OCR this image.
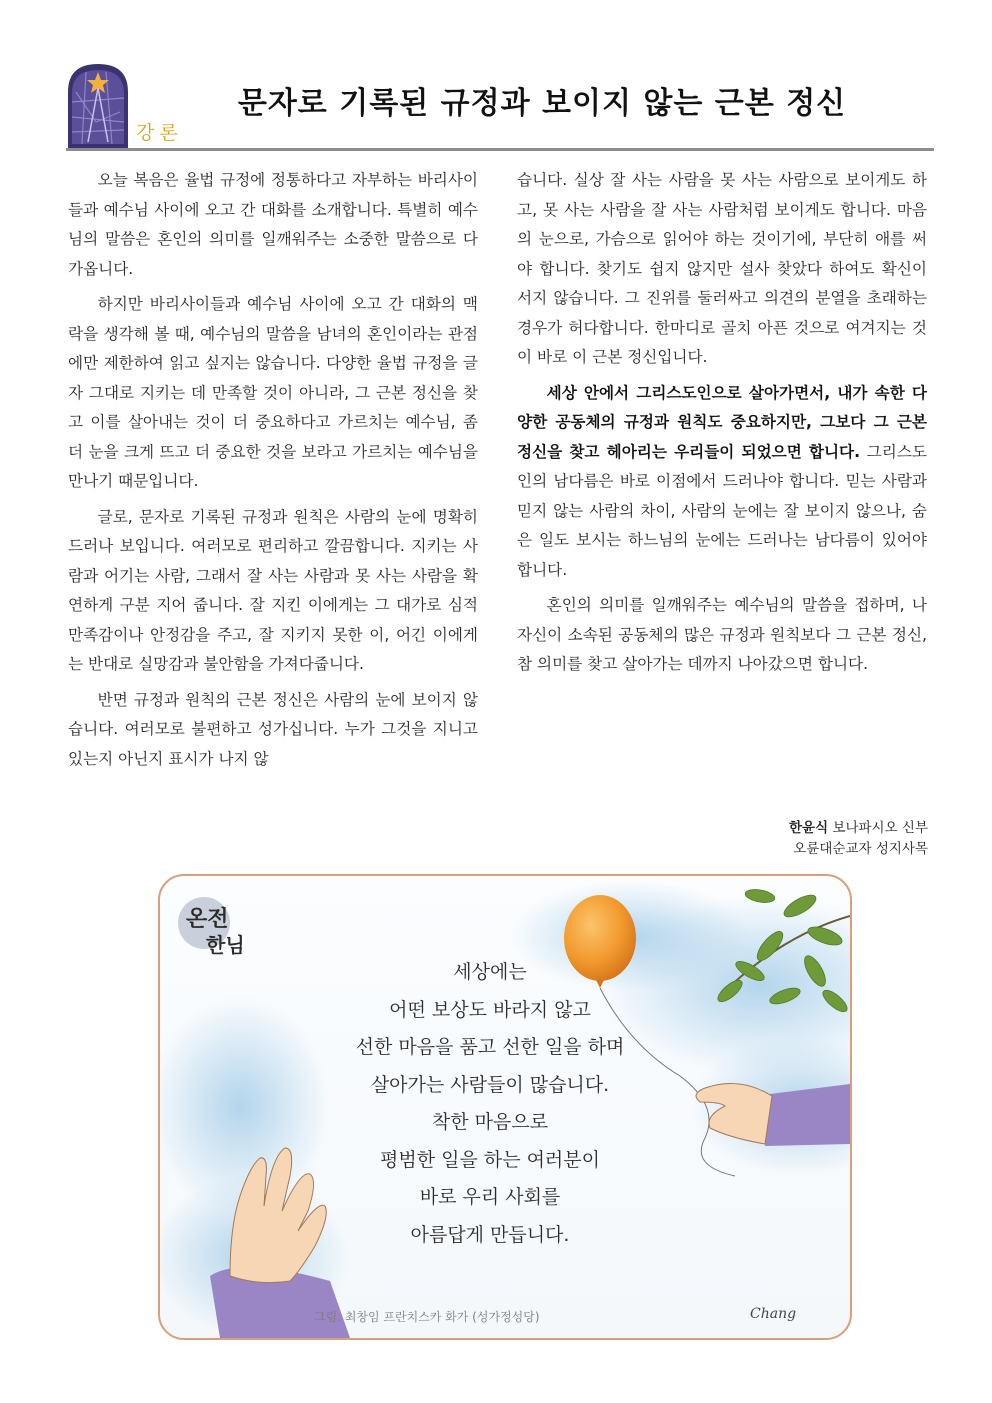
강론
문자로 기록된 규정과 보이지 않는 근본 정신

오늘 복음은 율법 규정에 정통하다고 자부하는 바리사이들과 예수님 사이에 오고 간 대화를 소개합니다. 특별히 예수님의 말씀은 혼인의 의미를 일깨워주는 소중한 말씀으로 다가옵니다.

하지만 바리사이들과 예수님 사이에 오고 간 대화의 맥락을 생각해 볼 때, 예수님의 말씀을 남녀의 혼인이라는 관점에만 제한하여 읽고 싶지는 않습니다. 다양한 율법 규정을 글자 그대로 지키는 데 만족할 것이 아니라, 그 근본 정신을 찾고 이를 살아내는 것이 더 중요하다고 가르치는 예수님, 좀 더 눈을 크게 뜨고 더 중요한 것을 보라고 가르치는 예수님을 만나기 때문입니다.

글로, 문자로 기록된 규정과 원칙은 사람의 눈에 명확히 드러나 보입니다. 여러모로 편리하고 깔끔합니다. 지키는 사람과 어기는 사람, 그래서 잘 사는 사람과 못 사는 사람을 확연하게 구분 지어 줍니다. 잘 지킨 이에게는 그 대가로 심적 만족감이나 안정감을 주고, 잘 지키지 못한 이, 어긴 이에게는 반대로 실망감과 불안함을 가져다줍니다.

반면 규정과 원칙의 근본 정신은 사람의 눈에 보이지 않습니다. 여러모로 불편하고 성가십니다. 누가 그것을 지니고 있는지 아닌지 표시가 나지 않

습니다. 실상 잘 사는 사람을 못 사는 사람으로 보이게도 하고, 못 사는 사람을 잘 사는 사람처럼 보이게도 합니다. 마음의 눈으로, 가슴으로 읽어야 하는 것이기에, 부단히 애를 써야 합니다. 찾기도 쉽지 않지만 설사 찾았다 하여도 확신이 서지 않습니다. 그 진위를 둘러싸고 의견의 분열을 초래하는 경우가 허다합니다. 한마디로 골치 아픈 것으로 여겨지는 것이 바로 이 근본 정신입니다.

세상 안에서 그리스도인으로 살아가면서, 내가 속한 다양한 공동체의 규정과 원칙도 중요하지만, 그보다 그 근본 정신을 찾고 헤아리는 우리들이 되었으면 합니다. 그리스도인의 남다름은 바로 이점에서 드러나야 합니다. 믿는 사람과 믿지 않는 사람의 차이, 사람의 눈에는 잘 보이지 않으나, 숨은 일도 보시는 하느님의 눈에는 드러나는 남다름이 있어야 합니다.

혼인의 의미를 일깨워주는 예수님의 말씀을 접하며, 나 자신이 소속된 공동체의 많은 규정과 원칙보다 그 근본 정신, 참 의미를 찾고 살아가는 데까지 나아갔으면 합니다.

한윤식 보나파시오 신부
오륜대순교자 성지사목
온전
한님
세상에는
어떤 보상도 바라지 않고
선한 마음을 품고 선한 일을 하며
살아가는 사람들이 많습니다.
착한 마음으로
평범한 일을 하는 여러분이
바로 우리 사회를
아름답게 만듭니다.
그림. 최창임 프란치스카 화가 (성가정성당)	Chang
